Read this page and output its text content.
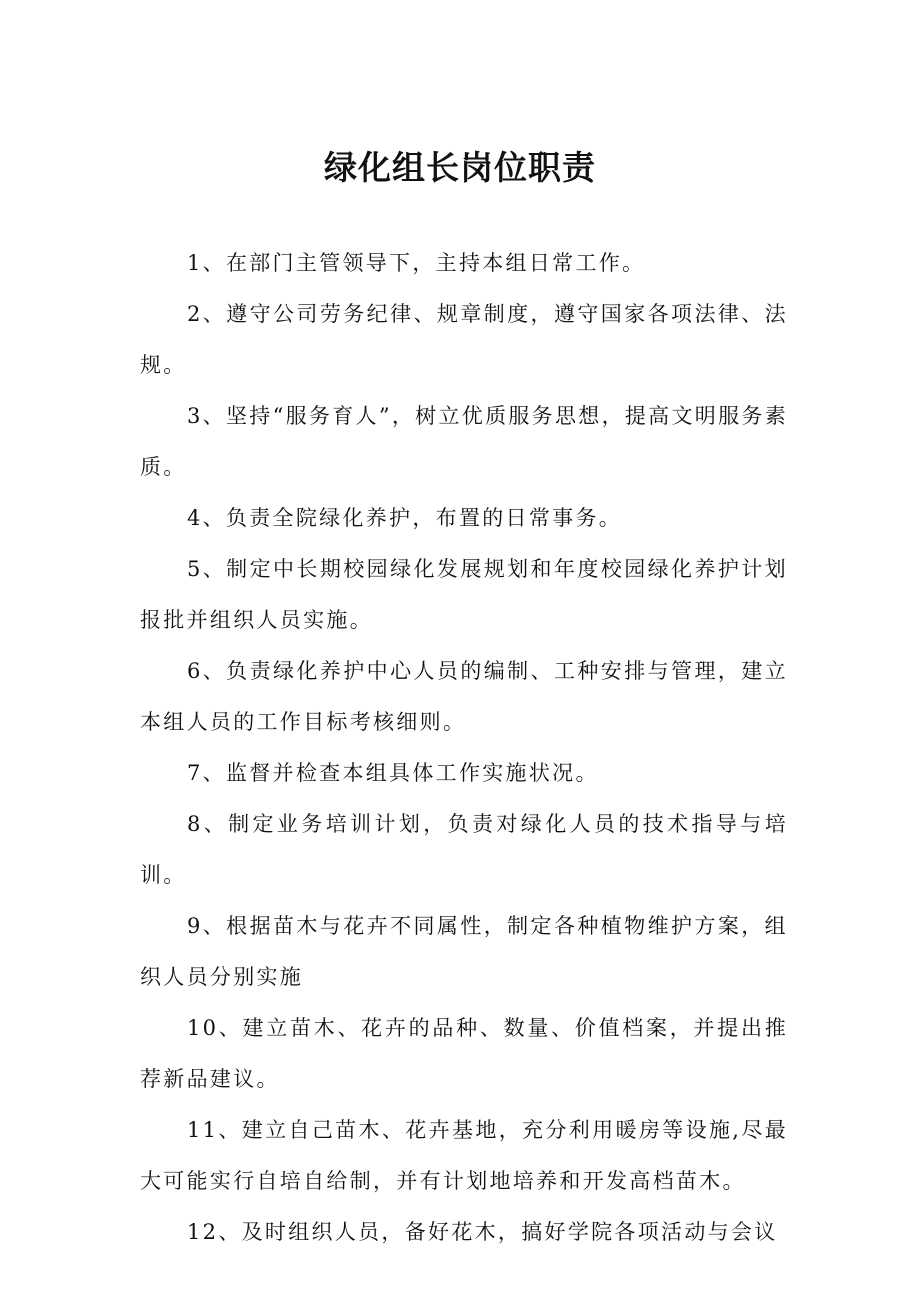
绿化组长岗位职责

1、在部门主管领导下，主持本组日常工作。

2、遵守公司劳务纪律、规章制度，遵守国家各项法律、法规。

3、坚持“服务育人”，树立优质服务思想，提高文明服务素质。

4、负责全院绿化养护，布置的日常事务。

5、制定中长期校园绿化发展规划和年度校园绿化养护计划报批并组织人员实施。

6、负责绿化养护中心人员的编制、工种安排与管理，建立本组人员的工作目标考核细则。

7、监督并检查本组具体工作实施状况。

8、制定业务培训计划，负责对绿化人员的技术指导与培训。

9、根据苗木与花卉不同属性，制定各种植物维护方案，组织人员分别实施

10、建立苗木、花卉的品种、数量、价值档案，并提出推荐新品建议。

11、建立自己苗木、花卉基地，充分利用暖房等设施,尽最大可能实行自培自给制，并有计划地培养和开发高档苗木。

12、及时组织人员，备好花木，搞好学院各项活动与会议
